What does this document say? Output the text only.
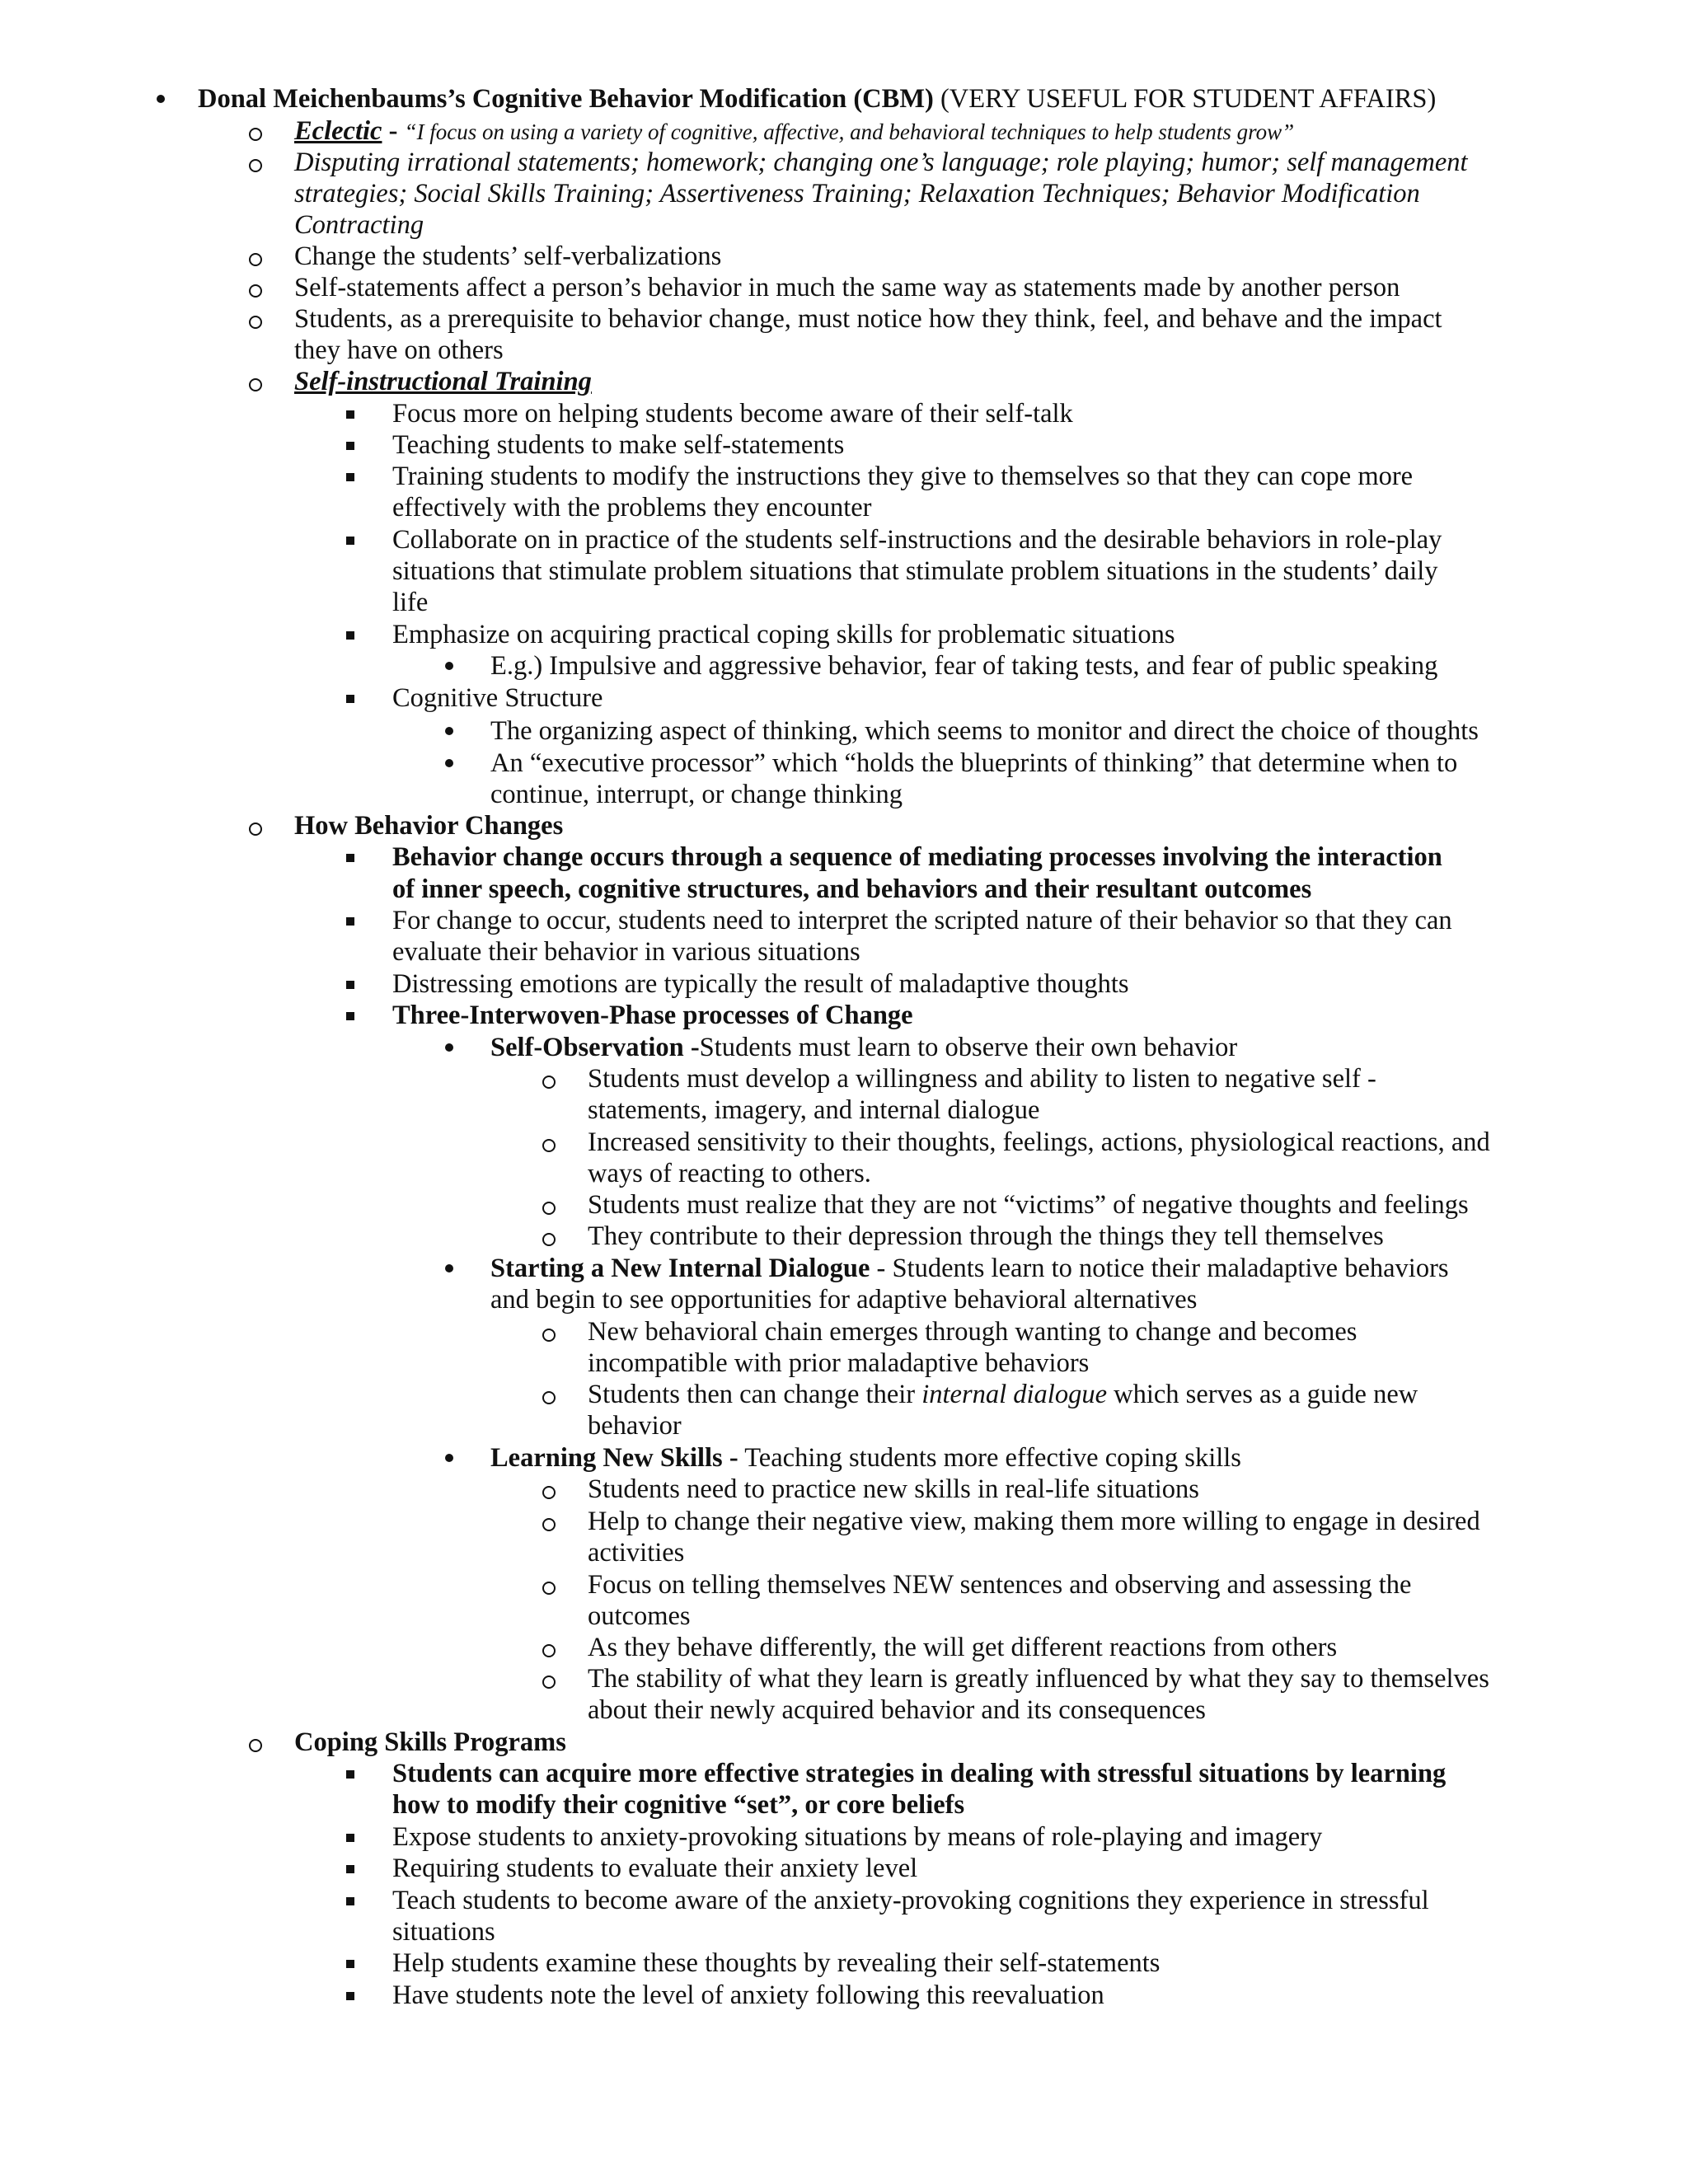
Donal Meichenbaums’s Cognitive Behavior Modification (CBM) (VERY USEFUL FOR STUDENT AFFAIRS)
Eclectic - “I focus on using a variety of cognitive, affective, and behavioral techniques to help students grow”
Disputing irrational statements; homework; changing one’s language; role playing; humor; self management
strategies; Social Skills Training; Assertiveness Training; Relaxation Techniques; Behavior Modification
Contracting
Change the students’ self-verbalizations
Self-statements affect a person’s behavior in much the same way as statements made by another person
Students, as a prerequisite to behavior change, must notice how they think, feel, and behave and the impact
they have on others
Self-instructional Training
Focus more on helping students become aware of their self-talk
Teaching students to make self-statements
Training students to modify the instructions they give to themselves so that they can cope more
effectively with the problems they encounter
Collaborate on in practice of the students self-instructions and the desirable behaviors in role-play
situations that stimulate problem situations that stimulate problem situations in the students’ daily
life
Emphasize on acquiring practical coping skills for problematic situations
E.g.) Impulsive and aggressive behavior, fear of taking tests, and fear of public speaking
Cognitive Structure
The organizing aspect of thinking, which seems to monitor and direct the choice of thoughts
An “executive processor” which “holds the blueprints of thinking” that determine when to
continue, interrupt, or change thinking
How Behavior Changes
Behavior change occurs through a sequence of mediating processes involving the interaction
of inner speech, cognitive structures, and behaviors and their resultant outcomes
For change to occur, students need to interpret the scripted nature of their behavior so that they can
evaluate their behavior in various situations
Distressing emotions are typically the result of maladaptive thoughts
Three-Interwoven-Phase processes of Change
Self-Observation -Students must learn to observe their own behavior
Students must develop a willingness and ability to listen to negative self -
statements, imagery, and internal dialogue
Increased sensitivity to their thoughts, feelings, actions, physiological reactions, and
ways of reacting to others.
Students must realize that they are not “victims” of negative thoughts and feelings
They contribute to their depression through the things they tell themselves
Starting a New Internal Dialogue - Students learn to notice their maladaptive behaviors
and begin to see opportunities for adaptive behavioral alternatives
New behavioral chain emerges through wanting to change and becomes
incompatible with prior maladaptive behaviors
Students then can change their internal dialogue which serves as a guide new
behavior
Learning New Skills - Teaching students more effective coping skills
Students need to practice new skills in real-life situations
Help to change their negative view, making them more willing to engage in desired
activities
Focus on telling themselves NEW sentences and observing and assessing the
outcomes
As they behave differently, the will get different reactions from others
The stability of what they learn is greatly influenced by what they say to themselves
about their newly acquired behavior and its consequences
Coping Skills Programs
Students can acquire more effective strategies in dealing with stressful situations by learning
how to modify their cognitive “set”, or core beliefs
Expose students to anxiety-provoking situations by means of role-playing and imagery
Requiring students to evaluate their anxiety level
Teach students to become aware of the anxiety-provoking cognitions they experience in stressful
situations
Help students examine these thoughts by revealing their self-statements
Have students note the level of anxiety following this reevaluation
